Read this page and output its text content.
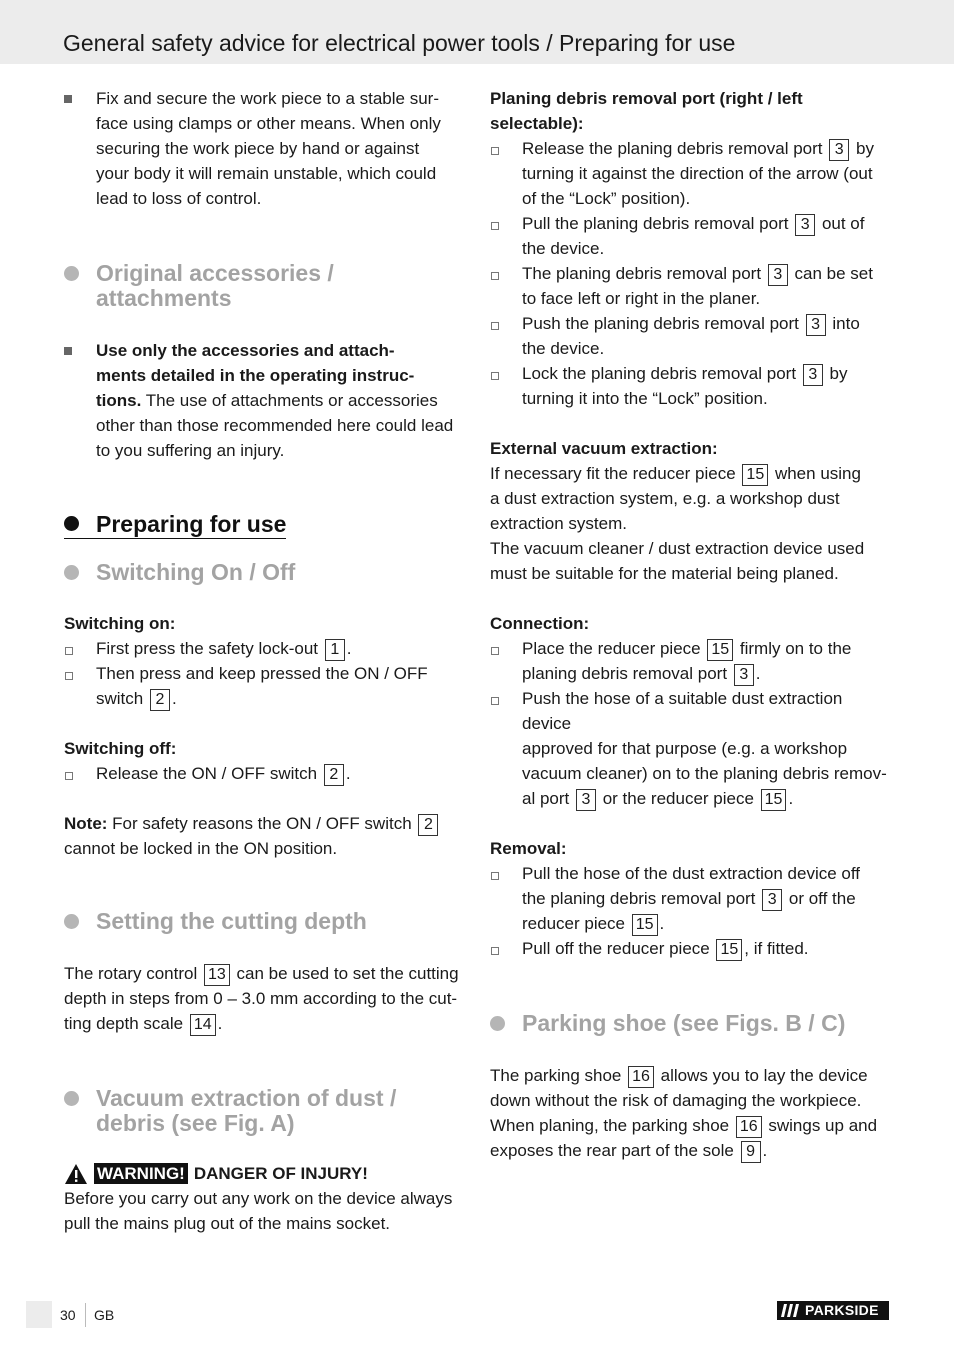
General safety advice for electrical power tools / Preparing for use
Fix and secure the work piece to a stable sur-
face using clamps or other means. When only
securing the work piece by hand or against
your body it will remain unstable, which could
lead to loss of control.
Original accessories / attachments
Use only the accessories and attach-
ments detailed in the operating instruc-
tions. The use of attachments or accessories
other than those recommended here could lead
to you suffering an injury.
Preparing for use
Switching On / Off
Switching on:
First press the safety lock-out 1 .
Then press and keep pressed the ON / OFF
switch 2 .
Switching off:
Release the ON / OFF switch 2 .
Note: For safety reasons the ON / OFF switch 2
cannot be locked in the ON position.
Setting the cutting depth
The rotary control 13 can be used to set the cutting
depth in steps from 0 – 3.0 mm according to the cut-
ting depth scale 14 .
Vacuum extraction of dust /
debris (see Fig. A)
WARNING! DANGER OF INJURY!
Before you carry out any work on the device always
pull the mains plug out of the mains socket.
Planing debris removal port (right / left
selectable):
Release the planing debris removal port 3 by
turning it against the direction of the arrow (out
of the “Lock” position).
Pull the planing debris removal port 3 out of
the device.
The planing debris removal port 3 can be set
to face left or right in the planer.
Push the planing debris removal port 3 into
the device.
Lock the planing debris removal port 3 by
turning it into the “Lock” position.
External vacuum extraction:
If necessary fit the reducer piece 15 when using
a dust extraction system, e.g. a workshop dust
extraction system.
The vacuum cleaner / dust extraction device used
must be suitable for the material being planed.
Connection:
Place the reducer piece 15 firmly on to the
planing debris removal port 3 .
Push the hose of a suitable dust extraction device
approved for that purpose (e.g. a workshop
vacuum cleaner) on to the planing debris remov-
al port 3 or the reducer piece 15 .
Removal:
Pull the hose of the dust extraction device off
the planing debris removal port 3 or off the
reducer piece 15 .
Pull off the reducer piece 15 , if fitted.
Parking shoe (see Figs. B / C)
The parking shoe 16 allows you to lay the device
down without the risk of damaging the workpiece.
When planing, the parking shoe 16 swings up and
exposes the rear part of the sole 9 .
30 GB	PARKSIDE
